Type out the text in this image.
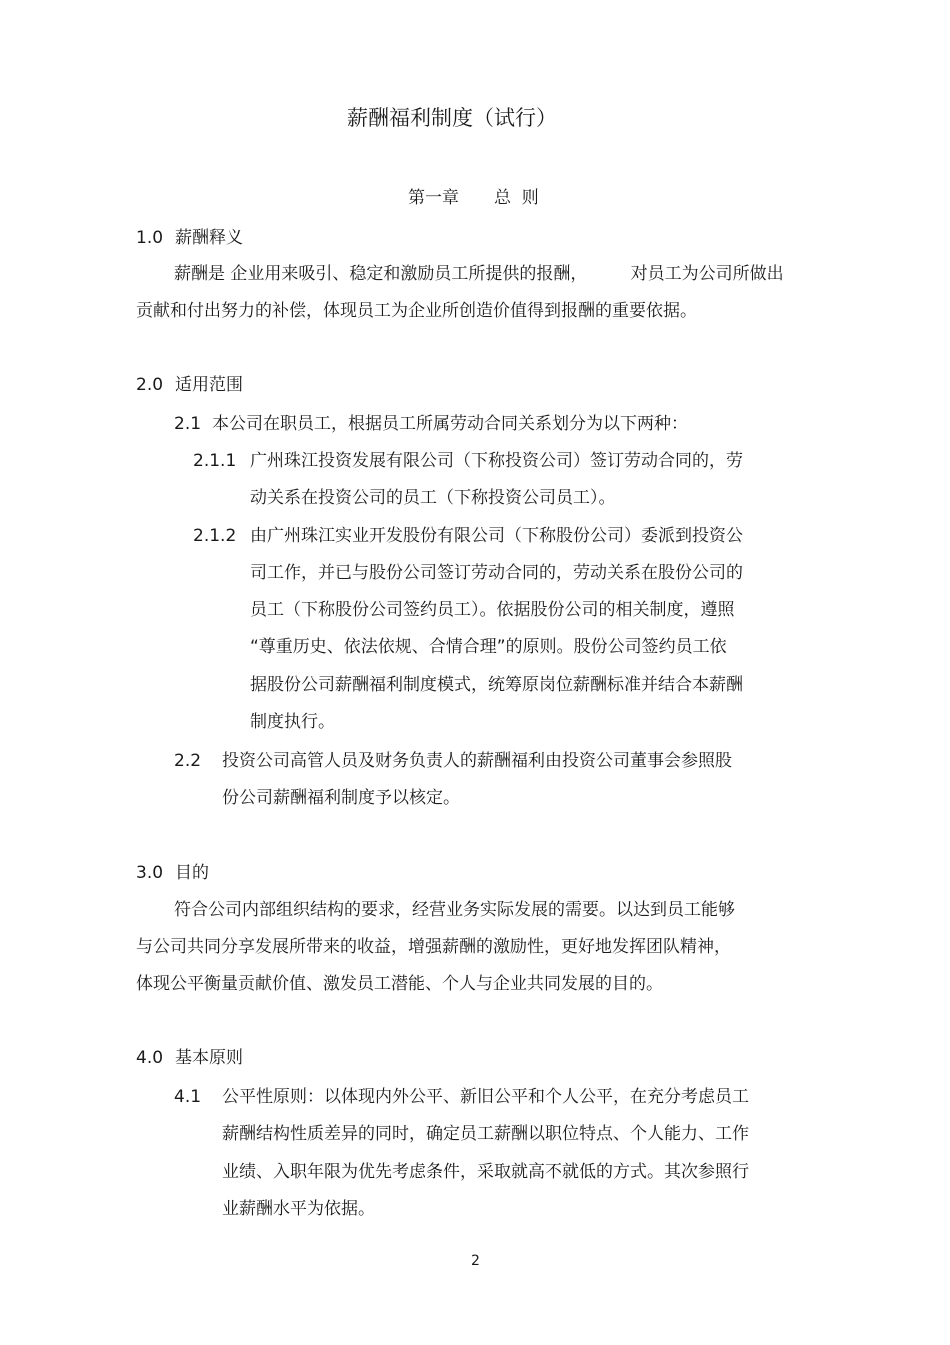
薪酬福利制度（试行）
第一章 总  则
1.0 薪酬释义
薪酬是 企业用来吸引、稳定和激励员工所提供的报酬，        对员工为公司所做出
贡献和付出努力的补偿，体现员工为企业所创造价值得到报酬的重要依据。
2.0 适用范围
2.1 本公司在职员工，根据员工所属劳动合同关系划分为以下两种：
2.1.1 广州珠江投资发展有限公司（下称投资公司）签订劳动合同的，劳
动关系在投资公司的员工（下称投资公司员工）。
2.1.2 由广州珠江实业开发股份有限公司（下称股份公司）委派到投资公
司工作，并已与股份公司签订劳动合同的，劳动关系在股份公司的
员工（下称股份公司签约员工）。依据股份公司的相关制度，遵照
“尊重历史、依法依规、合情合理”的原则。股份公司签约员工依
据股份公司薪酬福利制度模式，统筹原岗位薪酬标准并结合本薪酬
制度执行。
2.2 投资公司高管人员及财务负责人的薪酬福利由投资公司董事会参照股
份公司薪酬福利制度予以核定。
3.0 目的
符合公司内部组织结构的要求，经营业务实际发展的需要。以达到员工能够
与公司共同分享发展所带来的收益，增强薪酬的激励性，更好地发挥团队精神，
体现公平衡量贡献价值、激发员工潜能、个人与企业共同发展的目的。
4.0 基本原则
4.1 公平性原则：以体现内外公平、新旧公平和个人公平，在充分考虑员工
薪酬结构性质差异的同时，确定员工薪酬以职位特点、个人能力、工作
业绩、入职年限为优先考虑条件，采取就高不就低的方式。其次参照行
业薪酬水平为依据。
2
